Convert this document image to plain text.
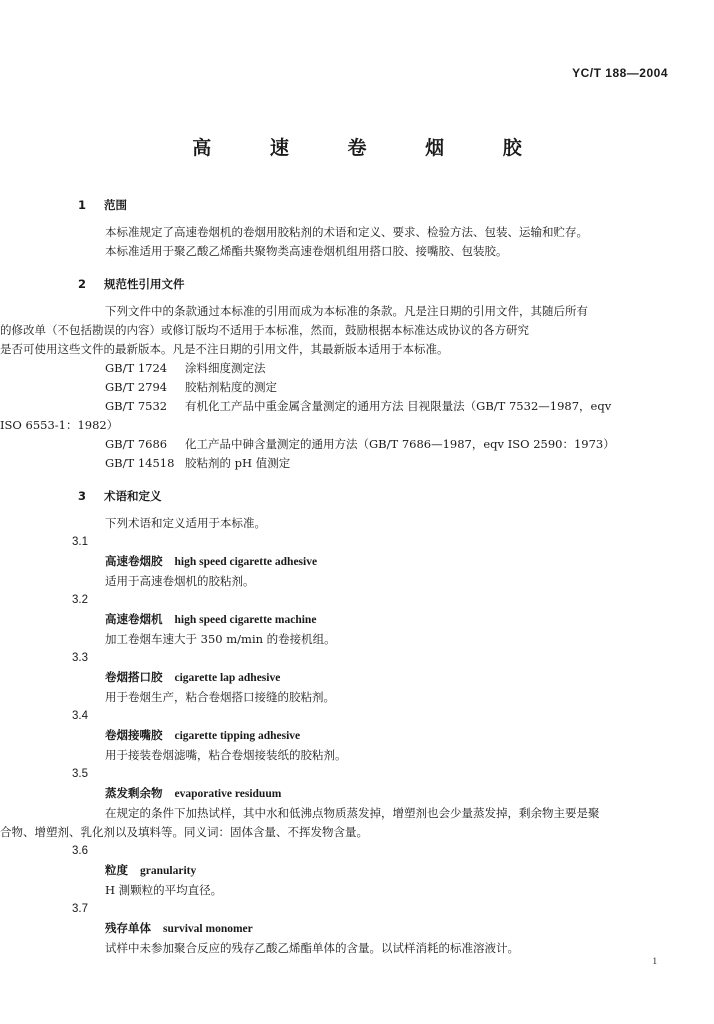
YC/T 188—2004
高 速 卷 烟 胶
1 范围
本标准规定了高速卷烟机的卷烟用胶粘剂的术语和定义、要求、检验方法、包装、运输和贮存。
本标准适用于聚乙酸乙烯酯共聚物类高速卷烟机组用搭口胶、接嘴胶、包装胶。
2 规范性引用文件
下列文件中的条款通过本标准的引用而成为本标准的条款。凡是注日期的引用文件，其随后所有
的修改单（不包括勘误的内容）或修订版均不适用于本标准，然而，鼓励根据本标准达成协议的各方研究
是否可使用这些文件的最新版本。凡是不注日期的引用文件，其最新版本适用于本标准。
GB/T 1724 涂料细度测定法
GB/T 2794 胶粘剂粘度的测定
GB/T 7532 有机化工产品中重金属含量测定的通用方法 目视限量法（GB/T 7532—1987，eqv
ISO 6553-1：1982）
GB/T 7686 化工产品中砷含量测定的通用方法（GB/T 7686—1987，eqv ISO 2590：1973）
GB/T 14518 胶粘剂的 pH 值测定
3 术语和定义
下列术语和定义适用于本标准。
3.1
高速卷烟胶 high speed cigarette adhesive
适用于高速卷烟机的胶粘剂。
3.2
高速卷烟机 high speed cigarette machine
加工卷烟车速大于 350 m/min 的卷接机组。
3.3
卷烟搭口胶 cigarette lap adhesive
用于卷烟生产，粘合卷烟搭口接缝的胶粘剂。
3.4
卷烟接嘴胶 cigarette tipping adhesive
用于接装卷烟滤嘴，粘合卷烟接装纸的胶粘剂。
3.5
蒸发剩余物 evaporative residuum
在规定的条件下加热试样，其中水和低沸点物质蒸发掉，增塑剂也会少量蒸发掉，剩余物主要是聚
合物、增塑剂、乳化剂以及填料等。同义词：固体含量、不挥发物含量。
3.6
粒度 granularity
H 測颗粒的平均直径。
3.7
残存单体 survival monomer
试样中未参加聚合反应的残存乙酸乙烯酯单体的含量。以试样消耗的标准溶液计。
1
